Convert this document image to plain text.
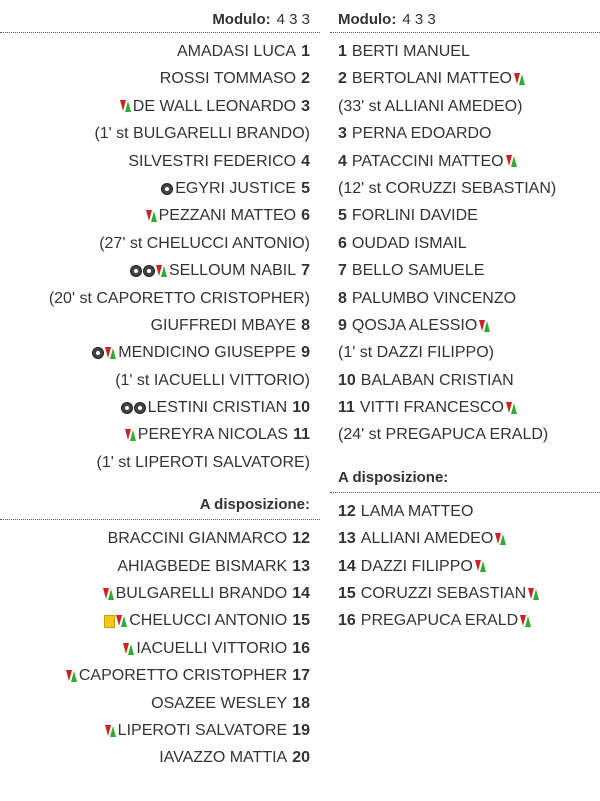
Modulo: 4 3 3
AMADASI LUCA 1
ROSSI TOMMASO 2
DE WALL LEONARDO 3
(1' st BULGARELLI BRANDO)
SILVESTRI FEDERICO 4
EGYRI JUSTICE 5
PEZZANI MATTEO 6
(27' st CHELUCCI ANTONIO)
SELLOUM NABIL 7
(20' st CAPORETTO CRISTOPHER)
GIUFFREDI MBAYE 8
MENDICINO GIUSEPPE 9
(1' st IACUELLI VITTORIO)
LESTINI CRISTIAN 10
PEREYRA NICOLAS 11
(1' st LIPEROTI SALVATORE)
A disposizione:
BRACCINI GIANMARCO 12
AHIAGBEDE BISMARK 13
BULGARELLI BRANDO 14
CHELUCCI ANTONIO 15
IACUELLI VITTORIO 16
CAPORETTO CRISTOPHER 17
OSAZEE WESLEY 18
LIPEROTI SALVATORE 19
IAVAZZO MATTIA 20
Modulo: 4 3 3
1 BERTI MANUEL
2 BERTOLANI MATTEO
(33' st ALLIANI AMEDEO)
3 PERNA EDOARDO
4 PATACCINI MATTEO
(12' st CORUZZI SEBASTIAN)
5 FORLINI DAVIDE
6 OUDAD ISMAIL
7 BELLO SAMUELE
8 PALUMBO VINCENZO
9 QOSJA ALESSIO
(1' st DAZZI FILIPPO)
10 BALABAN CRISTIAN
11 VITTI FRANCESCO
(24' st PREGAPUCA ERALD)
A disposizione:
12 LAMA MATTEO
13 ALLIANI AMEDEO
14 DAZZI FILIPPO
15 CORUZZI SEBASTIAN
16 PREGAPUCA ERALD
